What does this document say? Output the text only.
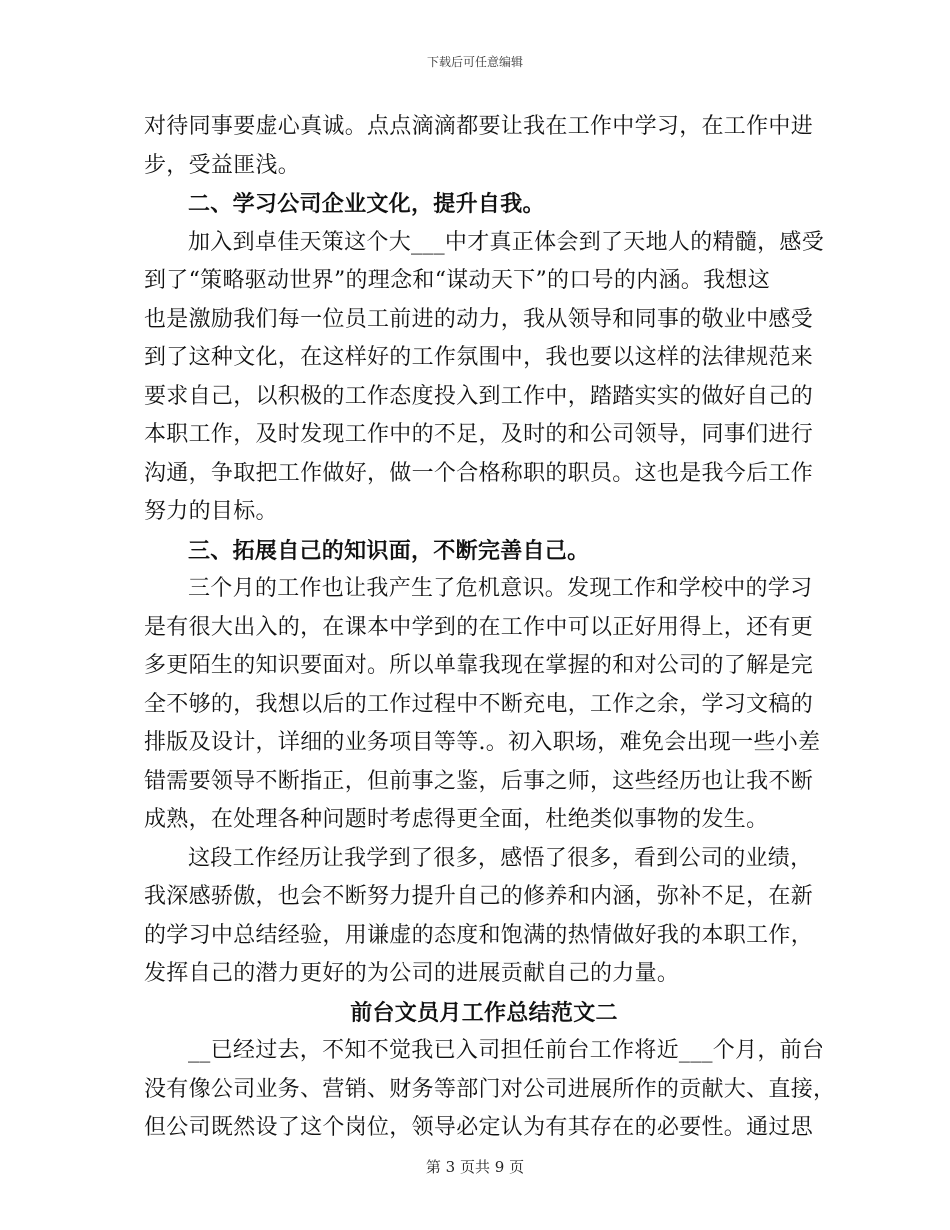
下载后可任意编辑
对待同事要虚心真诚。点点滴滴都要让我在工作中学习，在工作中进
步，受益匪浅。
二、学习公司企业文化，提升自我。
加入到卓佳天策这个大___中才真正体会到了天地人的精髓，感受
到了“策略驱动世界”的理念和“谋动天下”的口号的内涵。我想这
也是激励我们每一位员工前进的动力，我从领导和同事的敬业中感受
到了这种文化，在这样好的工作氛围中，我也要以这样的法律规范来
要求自己，以积极的工作态度投入到工作中，踏踏实实的做好自己的
本职工作，及时发现工作中的不足，及时的和公司领导，同事们进行
沟通，争取把工作做好，做一个合格称职的职员。这也是我今后工作
努力的目标。
三、拓展自己的知识面，不断完善自己。
三个月的工作也让我产生了危机意识。发现工作和学校中的学习
是有很大出入的，在课本中学到的在工作中可以正好用得上，还有更
多更陌生的知识要面对。所以单靠我现在掌握的和对公司的了解是完
全不够的，我想以后的工作过程中不断充电，工作之余，学习文稿的
排版及设计，详细的业务项目等等.。初入职场，难免会出现一些小差
错需要领导不断指正，但前事之鉴，后事之师，这些经历也让我不断
成熟，在处理各种问题时考虑得更全面，杜绝类似事物的发生。
这段工作经历让我学到了很多，感悟了很多，看到公司的业绩，
我深感骄傲，也会不断努力提升自己的修养和内涵，弥补不足，在新
的学习中总结经验，用谦虚的态度和饱满的热情做好我的本职工作，
发挥自己的潜力更好的为公司的进展贡献自己的力量。
前台文员月工作总结范文二
__已经过去，不知不觉我已入司担任前台工作将近___个月，前台
没有像公司业务、营销、财务等部门对公司进展所作的贡献大、直接，
但公司既然设了这个岗位，领导必定认为有其存在的必要性。通过思
第 3 页共 9 页
